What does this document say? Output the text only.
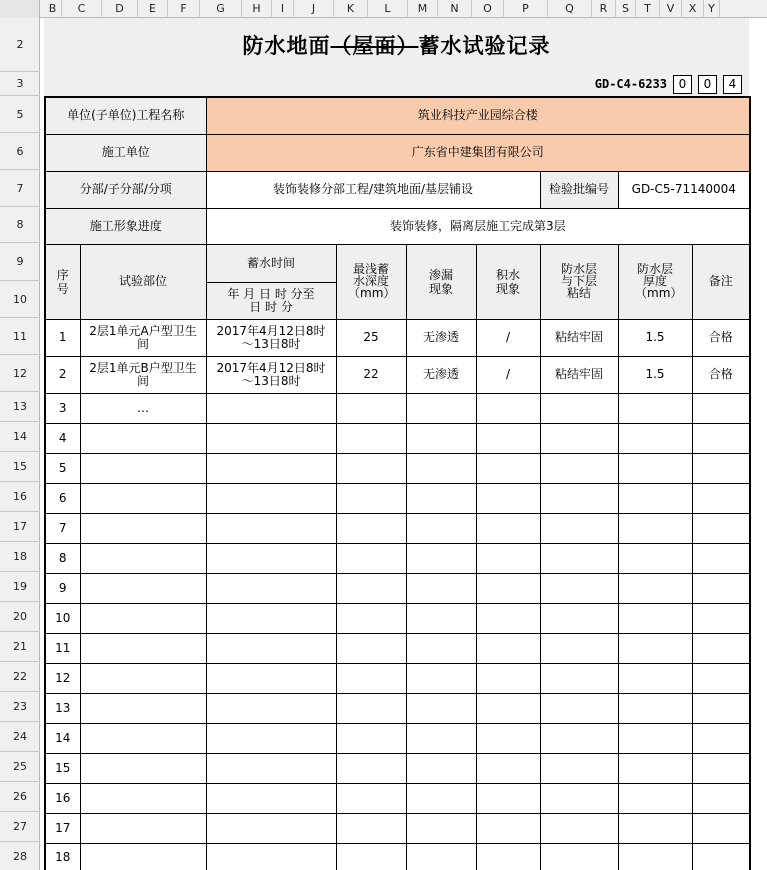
B	C	D	E	F	G	H	I	J	K	L	M	N	O	P	Q	R	S	T	V	X	Y
2
3
5
6
7
8
9
10
11
12
13
14
15
16
17
18
19
20
21
22
23
24
25
26
27
28
防水地面（屋面）蓄水试验记录
GD-C4-6233 0	0	4
单位(子单位)工程名称		筑业科技产业园综合楼						
施工单位		广东省中建集团有限公司						
分部/子分部/分项		装饰装修分部工程/建筑地面/基层铺设				检验批编号	GD-C5-71140004	
施工形象进度		装饰装修，隔离层施工完成第3层						
序号	试验部位	蓄水时间	最浅蓄水深度（mm）	渗漏现象	积水现象	防水层与下层粘结	防水层厚度（mm）	备注
		年 月 日 时 分至
日 时 分						
1	2层1单元A户型卫生间	2017年4月12日8时
～13日8时	25	无渗透	/	粘结牢固	1.5	合格
2	2层1单元B户型卫生间	2017年4月12日8时
～13日8时	22	无渗透	/	粘结牢固	1.5	合格
3	…							
4								
5								
6								
7								
8								
9								
10								
11								
12								
13								
14								
15								
16								
17								
18								
